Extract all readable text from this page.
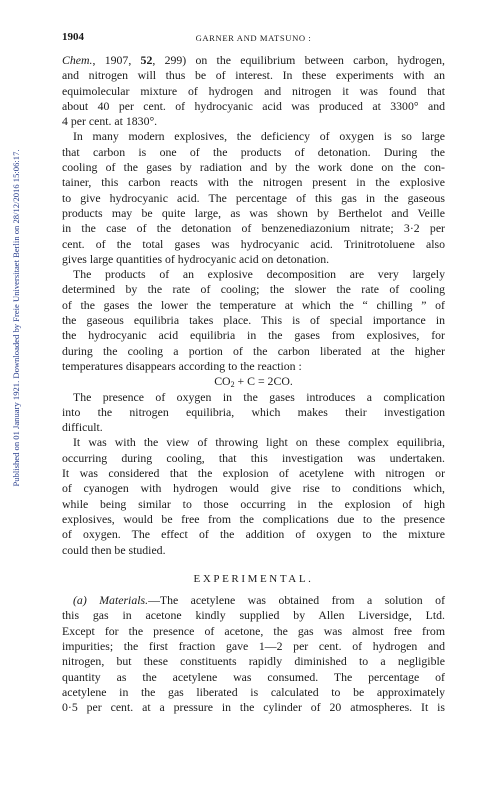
Published on 01 January 1921. Downloaded by Freie Universitaet Berlin on 28/12/2016 15:06:17.
1904	GARNER AND MATSUNO :
Chem., 1907, 52, 299) on the equilibrium between carbon, hydrogen,
and nitrogen will thus be of interest. In these experiments with an
equimolecular mixture of hydrogen and nitrogen it was found that
about 40 per cent. of hydrocyanic acid was produced at 3300° and
4 per cent. at 1830°.
In many modern explosives, the deficiency of oxygen is so large
that carbon is one of the products of detonation. During the
cooling of the gases by radiation and by the work done on the con-
tainer, this carbon reacts with the nitrogen present in the explosive
to give hydrocyanic acid. The percentage of this gas in the gaseous
products may be quite large, as was shown by Berthelot and Veille
in the case of the detonation of benzenediazonium nitrate; 3·2 per
cent. of the total gases was hydrocyanic acid. Trinitrotoluene also
gives large quantities of hydrocyanic acid on detonation.
The products of an explosive decomposition are very largely
determined by the rate of cooling; the slower the rate of cooling
of the gases the lower the temperature at which the “ chilling ” of
the gaseous equilibria takes place. This is of special importance in
the hydrocyanic acid equilibria in the gases from explosives, for
during the cooling a portion of the carbon liberated at the higher
temperatures disappears according to the reaction :
$CO_2 + C = 2CO$.
The presence of oxygen in the gases introduces a complication
into the nitrogen equilibria, which makes their investigation
difficult.
It was with the view of throwing light on these complex equilibria,
occurring during cooling, that this investigation was undertaken.
It was considered that the explosion of acetylene with nitrogen or
of cyanogen with hydrogen would give rise to conditions which,
while being similar to those occurring in the explosion of high
explosives, would be free from the complications due to the presence
of oxygen. The effect of the addition of oxygen to the mixture
could then be studied.
EXPERIMENTAL.
(a) Materials.—The acetylene was obtained from a solution of
this gas in acetone kindly supplied by Allen Liversidge, Ltd.
Except for the presence of acetone, the gas was almost free from
impurities; the first fraction gave 1—2 per cent. of hydrogen and
nitrogen, but these constituents rapidly diminished to a negligible
quantity as the acetylene was consumed. The percentage of
acetylene in the gas liberated is calculated to be approximately
0·5 per cent. at a pressure in the cylinder of 20 atmospheres. It is
